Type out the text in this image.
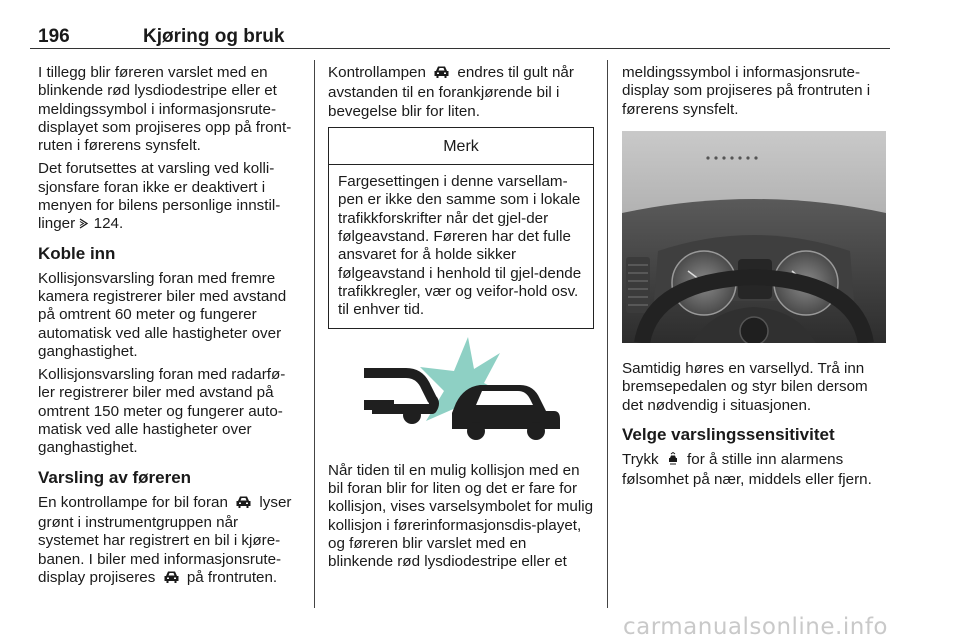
196	Kjøring og bruk

I tillegg blir føreren varslet med en blinkende rød lysdiodestripe eller et meldingssymbol i informasjonsrute-displayet som projiseres opp på front-ruten i førerens synsfelt.

Det forutsettes at varsling ved kolli-sjonsfare foran ikke er deaktivert i menyen for bilens personlige innstil-linger 124.

Koble inn

Kollisjonsvarsling foran med fremre kamera registrerer biler med avstand på omtrent 60 meter og fungerer automatisk ved alle hastigheter over ganghastighet.

Kollisjonsvarsling foran med radarfø-ler registrerer biler med avstand på omtrent 150 meter og fungerer auto-matisk ved alle hastigheter over ganghastighet.

Varsling av føreren

En kontrollampe for bil foran lyser grønt i instrumentgruppen når systemet har registrert en bil i kjøre-banen. I biler med informasjonsrute-display projiseres på frontruten.

Kontrollampen endres til gult når avstanden til en forankjørende bil i bevegelse blir for liten.

Merk
Fargesettingen i denne varsellam-pen er ikke den samme som i lokale trafikkforskrifter når det gjel-der følgeavstand. Føreren har det fulle ansvaret for å holde sikker følgeavstand i henhold til gjel-dende trafikkregler, vær og veifor-hold osv. til enhver tid.

Når tiden til en mulig kollisjon med en bil foran blir for liten og det er fare for kollisjon, vises varselsymbolet for mulig kollisjon i førerinformasjonsdis-playet, og føreren blir varslet med en blinkende rød lysdiodestripe eller et

meldingssymbol i informasjonsrute-display som projiseres på frontruten i førerens synsfelt.

Samtidig høres en varsellyd. Trå inn bremsepedalen og styr bilen dersom det nødvendig i situasjonen.

Velge varslingssensitivitet

Trykk for å stille inn alarmens følsomhet på nær, middels eller fjern.

carmanualsonline.info
